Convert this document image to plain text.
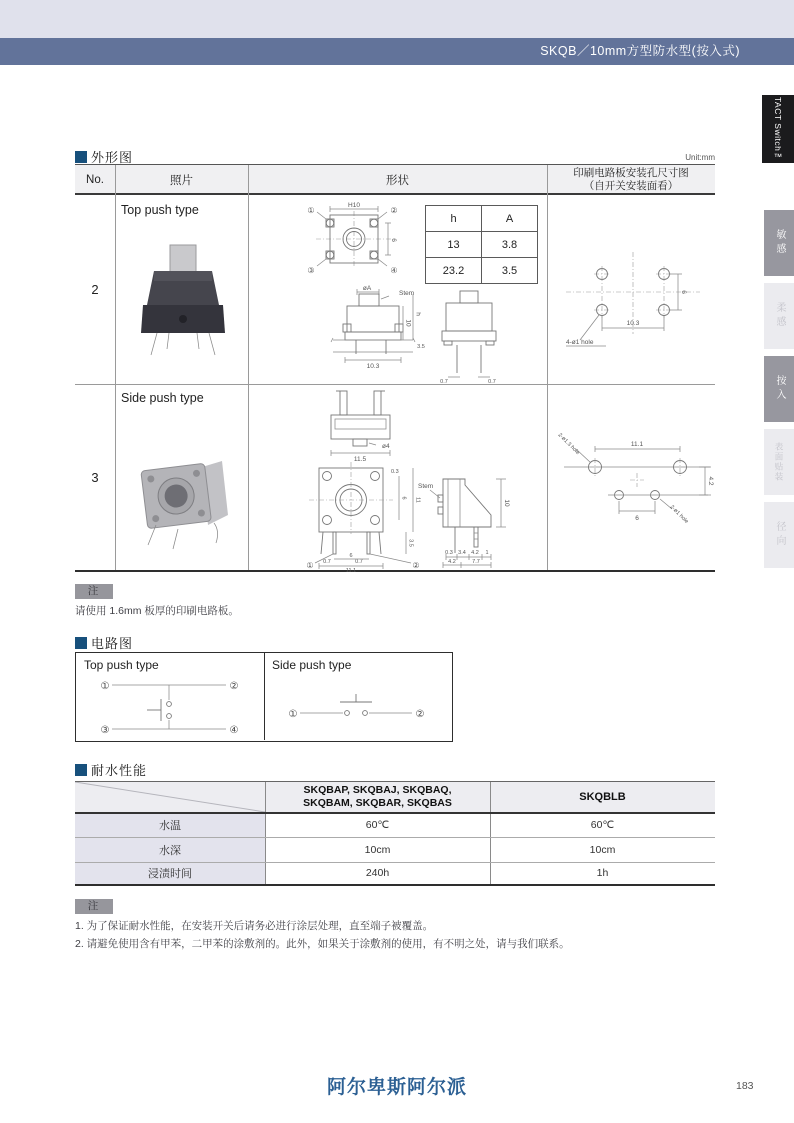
SKQB／10mm方型防水型(按入式)
TACT Switch™
敏感
柔感
按入
表面贴装
径向
外形图	Unit:mm
No.	照片	形状
印刷电路板安装孔尺寸图
（自开关安装面看）
2
Top push type	H10
①	②
③	④
6
h	A
13	3.8
23.2	3.5
øA
Stem
10
h
3.5
10.3
0.7	0.7
10.3
6
4-ø1 hole
3
Side push type
ø4
11.5
0.3
6 11
3.5
0.7	0.7
6
11.1
①	②
Stem
10
0.3 3.4 4.2 1
4.2	7.7
11.1
4.2
6
2-ø1.3 hole
2-ø1 hole
注
请使用 1.6mm 板厚的印刷电路板。
电路图
Top push type	Side push type
①	②
③	④
①	②
耐水性能
SKQBAP, SKQBAJ, SKQBAQ,
SKQBAM, SKQBAR, SKQBAS
SKQBLB
水温	60℃	60℃
水深	10cm	10cm
浸渍时间	240h	1h
注
1. 为了保证耐水性能，在安装开关后请务必进行涂层处理，直至端子被覆盖。
2. 请避免使用含有甲苯，二甲苯的涂敷剂的。此外，如果关于涂敷剂的使用，有不明之处，请与我们联系。
阿尔卑斯阿尔派	183
